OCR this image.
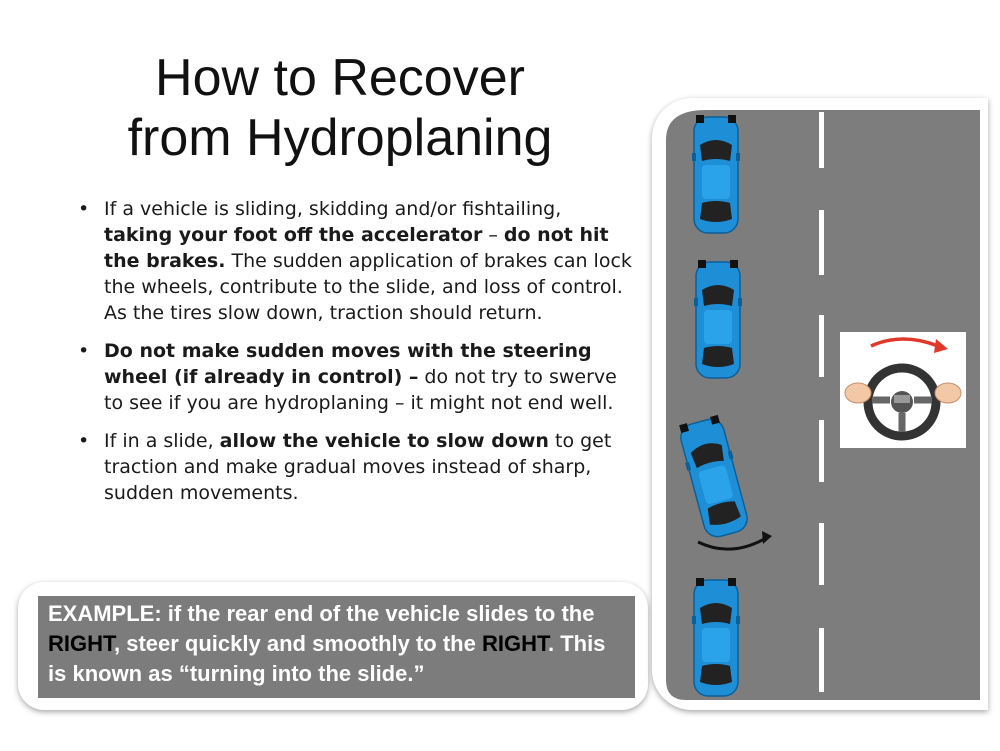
How to Recover
from Hydroplaning
• If a vehicle is sliding, skidding and/or fishtailing, taking your foot off the accelerator – do not hit the brakes. The sudden application of brakes can lock the wheels, contribute to the slide, and loss of control. As the tires slow down, traction should return.
• Do not make sudden moves with the steering wheel (if already in control) – do not try to swerve to see if you are hydroplaning – it might not end well.
• If in a slide, allow the vehicle to slow down to get traction and make gradual moves instead of sharp, sudden movements.
EXAMPLE: if the rear end of the vehicle slides to the RIGHT, steer quickly and smoothly to the RIGHT. This is known as “turning into the slide.”
